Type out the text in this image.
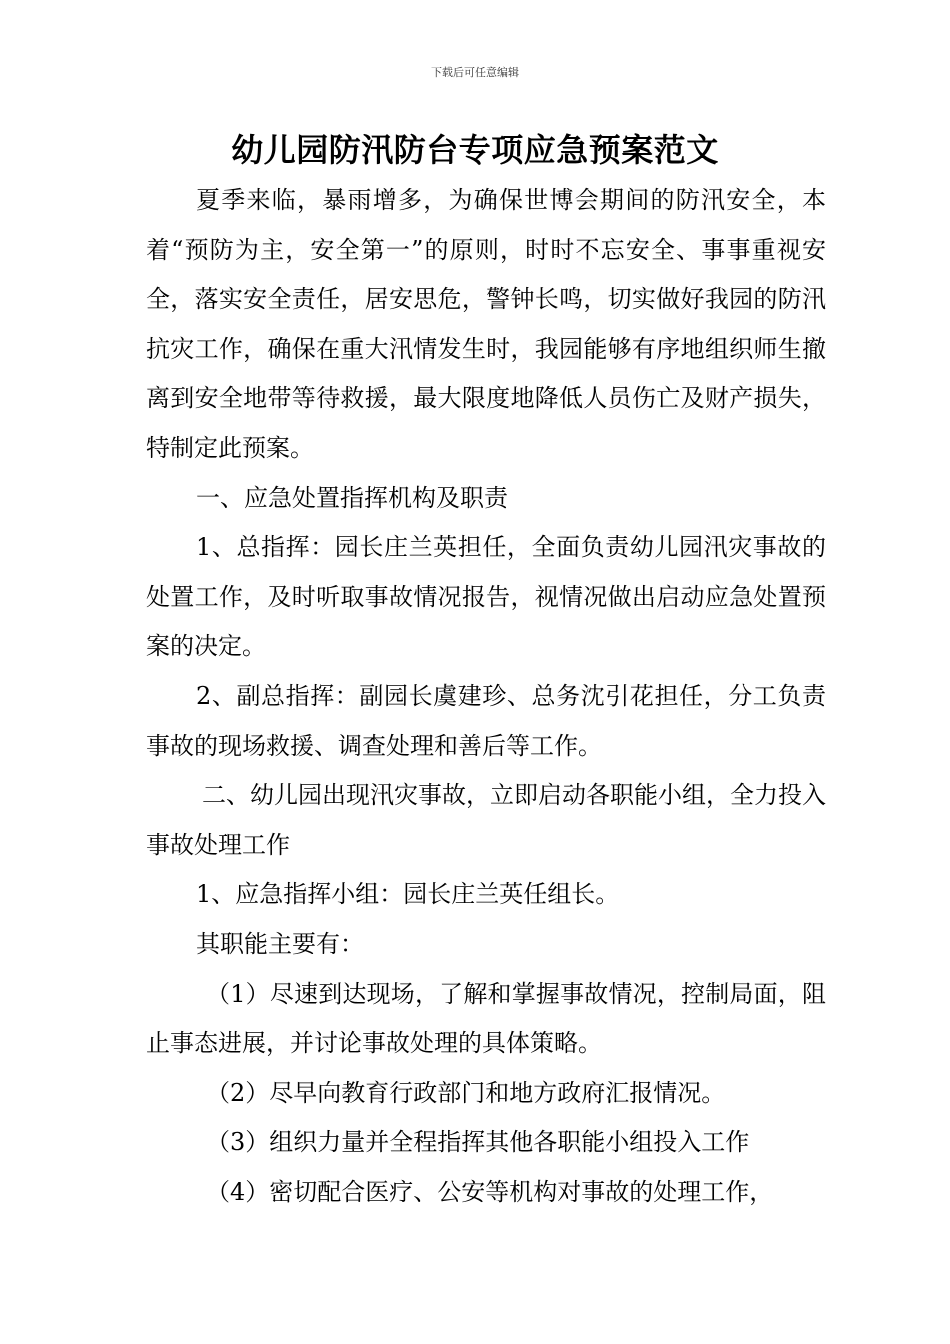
下载后可任意编辑
幼儿园防汛防台专项应急预案范文

夏季来临，暴雨增多，为确保世博会期间的防汛安全，本着“预防为主，安全第一”的原则，时时不忘安全、事事重视安全，落实安全责任，居安思危，警钟长鸣，切实做好我园的防汛抗灾工作，确保在重大汛情发生时，我园能够有序地组织师生撤离到安全地带等待救援，最大限度地降低人员伤亡及财产损失，特制定此预案。

一、应急处置指挥机构及职责

1、总指挥：园长庄兰英担任，全面负责幼儿园汛灾事故的处置工作，及时听取事故情况报告，视情况做出启动应急处置预案的决定。

2、副总指挥：副园长虞建珍、总务沈引花担任，分工负责事故的现场救援、调查处理和善后等工作。

二、幼儿园出现汛灾事故，立即启动各职能小组，全力投入事故处理工作

1、应急指挥小组：园长庄兰英任组长。

其职能主要有：

（1）尽速到达现场，了解和掌握事故情况，控制局面，阻止事态进展，并讨论事故处理的具体策略。

（2）尽早向教育行政部门和地方政府汇报情况。

（3）组织力量并全程指挥其他各职能小组投入工作

（4）密切配合医疗、公安等机构对事故的处理工作，
